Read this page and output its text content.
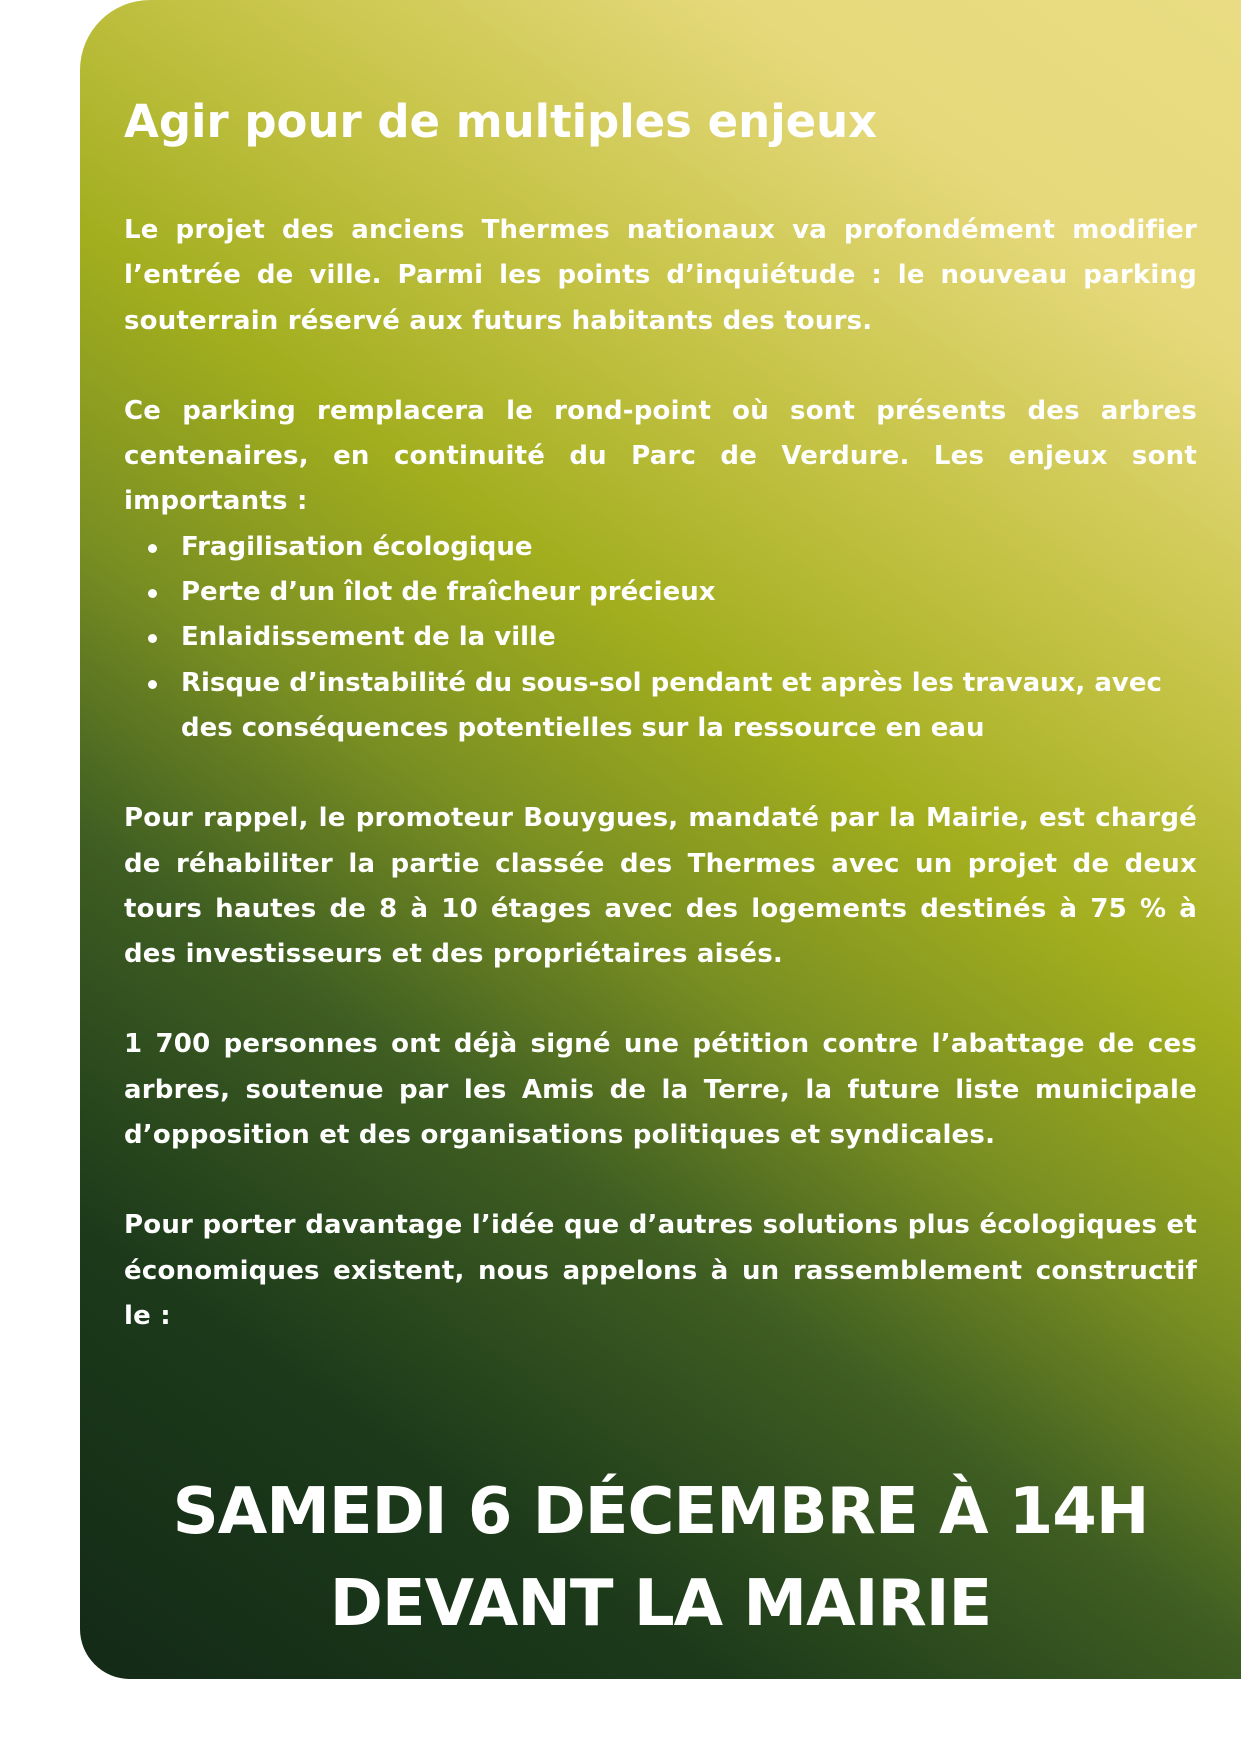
Agir pour de multiples enjeux

Le projet des anciens Thermes nationaux va profondément modifier l’entrée de ville. Parmi les points d’inquiétude : le nouveau parking souterrain réservé aux futurs habitants des tours.

Ce parking remplacera le rond-point où sont présents des arbres centenaires, en continuité du Parc de Verdure. Les enjeux sont importants :

Fragilisation écologique
Perte d’un îlot de fraîcheur précieux
Enlaidissement de la ville
Risque d’instabilité du sous-sol pendant et après les travaux, avec des conséquences potentielles sur la ressource en eau

Pour rappel, le promoteur Bouygues, mandaté par la Mairie, est chargé de réhabiliter la partie classée des Thermes avec un projet de deux tours hautes de 8 à 10 étages avec des logements destinés à 75 % à des investisseurs et des propriétaires aisés.

1 700 personnes ont déjà signé une pétition contre l’abattage de ces arbres, soutenue par les Amis de la Terre, la future liste municipale d’opposition et des organisations politiques et syndicales.

Pour porter davantage l’idée que d’autres solutions plus écologiques et économiques existent, nous appelons à un rassemblement constructif le :

SAMEDI 6 DÉCEMBRE À 14H
DEVANT LA MAIRIE
